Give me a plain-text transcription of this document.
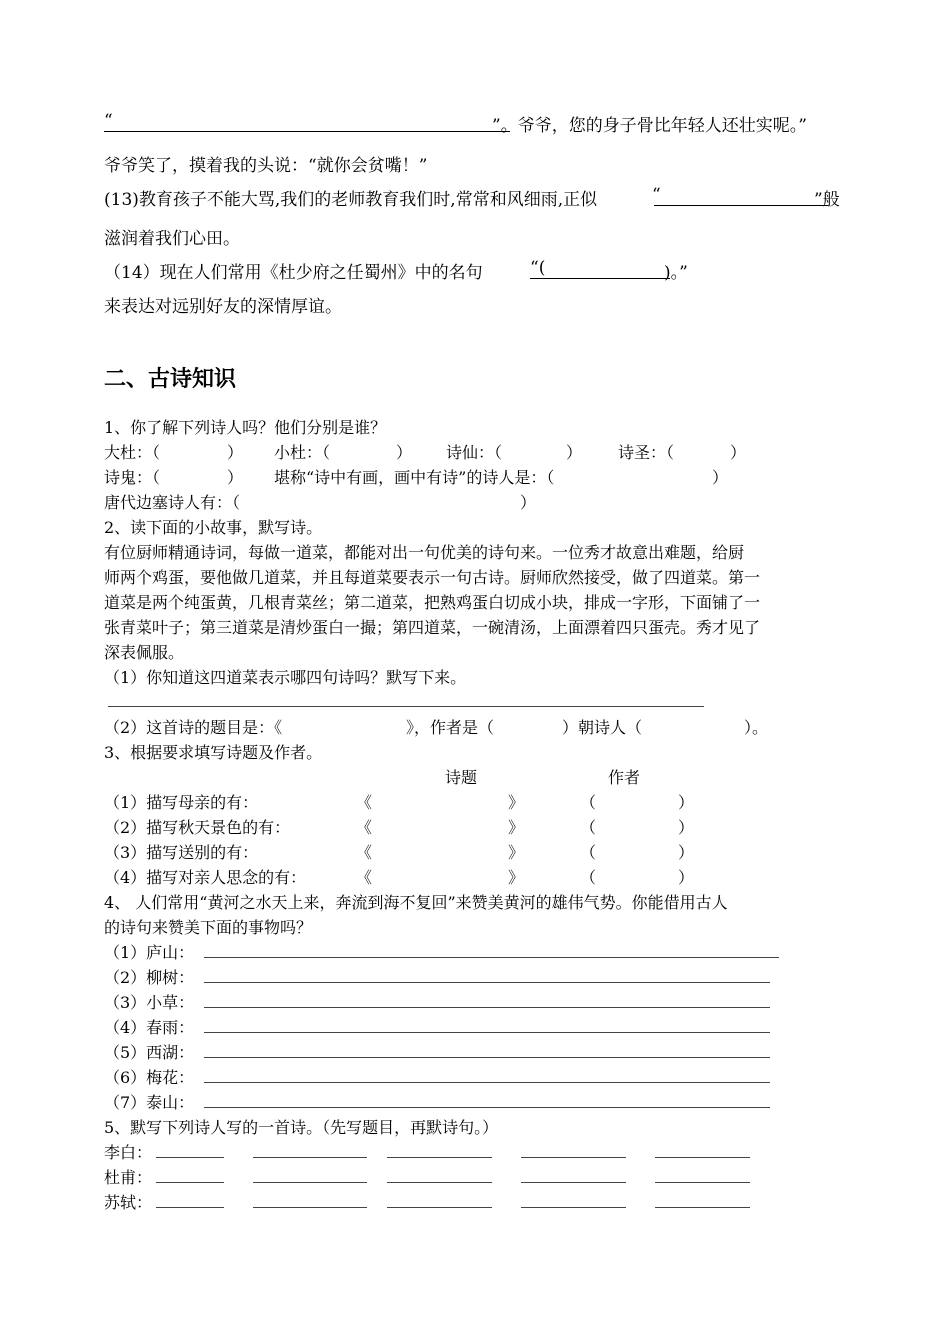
“	”。爷爷，您的身子骨比年轻人还壮实呢。”
爷爷笑了，摸着我的头说：“就你会贫嘴！”
(13)教育孩子不能大骂,我们的老师教育我们时,常常和风细雨,正似	“	”般
滋润着我们心田。
（14）现在人们常用《杜少府之任蜀州》中的名句	“(	)。”
来表达对远别好友的深情厚谊。
二、古诗知识
1、你了解下列诗人吗？他们分别是谁？
大杜：（	） 小杜：（	） 诗仙：（	） 诗圣：（	）
诗鬼：（	） 堪称“诗中有画，画中有诗”的诗人是：（	）
唐代边塞诗人有：（	）
2、读下面的小故事，默写诗。
有位厨师精通诗词，每做一道菜，都能对出一句优美的诗句来。一位秀才故意出难题，给厨
师两个鸡蛋，要他做几道菜，并且每道菜要表示一句古诗。厨师欣然接受，做了四道菜。第一
道菜是两个纯蛋黄，几根青菜丝；第二道菜，把熟鸡蛋白切成小块，排成一字形，下面铺了一
张青菜叶子；第三道菜是清炒蛋白一撮；第四道菜，一碗清汤，上面漂着四只蛋壳。秀才见了
深表佩服。
（1）你知道这四道菜表示哪四句诗吗？默写下来。
（2）这首诗的题目是：《	》，作者是（	）朝诗人（	）。
3、根据要求填写诗题及作者。
诗题	作者
（1）描写母亲的有：	《	》	（	）
（2）描写秋天景色的有：	《	》	（	）
（3）描写送别的有：	《	》	（	）
（4）描写对亲人思念的有：	《	》	（	）
4、 人们常用“黄河之水天上来，奔流到海不复回”来赞美黄河的雄伟气势。你能借用古人
的诗句来赞美下面的事物吗？
（1）庐山：
（2）柳树：
（3）小草：
（4）春雨：
（5）西湖：
（6）梅花：
（7）泰山：
5、默写下列诗人写的一首诗。（先写题目，再默诗句。）
李白：
杜甫：
苏轼：
